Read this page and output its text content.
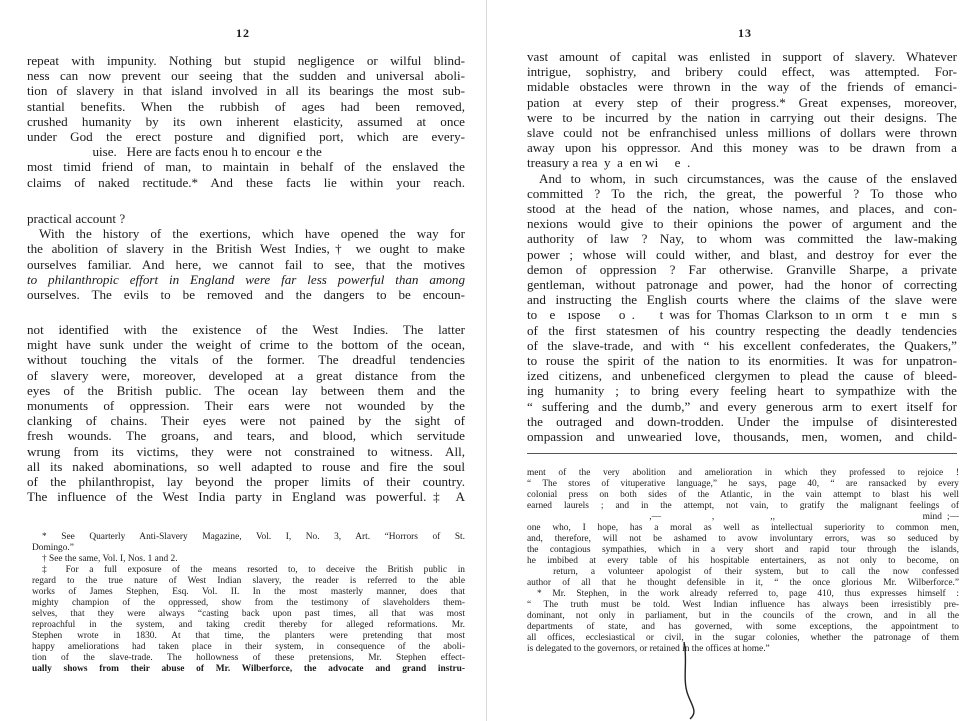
12
repeat with impunity. Nothing but stupid negligence or wilful blind-
ness can now prevent our seeing that the sudden and universal aboli-
tion of slavery in that island involved in all its bearings the most sub-
stantial benefits. When the rubbish of ages had been removed,
crushed humanity by its own inherent elasticity, assumed at once
under God the erect posture and dignified port, which are every-
uise.   Here are facts enou h to encour  e the
most timid friend of man, to maintain in behalf of the enslaved the
claims of naked rectitude.* And these facts lie within your reach.
practical account ?
With the history of the exertions, which have opened the way for
the abolition of slavery in the British West Indies,† we ought to make
ourselves familiar. And here, we cannot fail to see, that the motives
to philanthropic effort in England were far less powerful than among
ourselves. The evils to be removed and the dangers to be encoun-
not identified with the existence of the West Indies. The latter
might have sunk under the weight of crime to the bottom of the ocean,
without touching the vitals of the former. The dreadful tendencies
of slavery were, moreover, developed at a great distance from the
eyes of the British public. The ocean lay between them and the
monuments of oppression. Their ears were not wounded by the
clanking of chains. Their eyes were not pained by the sight of
fresh wounds. The groans, and tears, and blood, which servitude
wrung from its victims, they were not constrained to witness. All,
all its naked abominations, so well adapted to rouse and fire the soul
of the philanthropist, lay beyond the proper limits of their country.
The influence of the West India party in England was powerful.‡ A
* See Quarterly Anti-Slavery Magazine, Vol. I, No. 3, Art. “Horrors of St.
Domingo.”
† See the same, Vol. I, Nos. 1 and 2.
‡ For a full exposure of the means resorted to, to deceive the British public in
regard to the true nature of West Indian slavery, the reader is referred to the able
works of James Stephen, Esq. Vol. II. In the most masterly manner, does that
mighty champion of the oppressed, show from the testimony of slaveholders them-
selves, that they were always “casting back upon past times, all that was most
reproachful in the system, and taking credit thereby for alleged reformations. Mr.
Stephen wrote in 1830. At that time, the planters were pretending that most
happy ameliorations had taken place in their system, in consequence of the aboli-
tion of the slave-trade. The hollowness of these pretensions, Mr. Stephen effect-
ually shows from their abuse of Mr. Wilberforce, the advocate and grand instru-
13
vast amount of capital was enlisted in support of slavery. Whatever
intrigue, sophistry, and bribery could effect, was attempted. For-
midable obstacles were thrown in the way of the friends of emanci-
pation at every step of their progress.* Great expenses, moreover,
were to be incurred by the nation in carrying out their designs. The
slave could not be enfranchised unless millions of dollars were thrown
away upon his oppressor. And this money was to be drawn from a
treasury a rea  y  a  en wi     e  .
And to whom, in such circumstances, was the cause of the enslaved
committed ? To the rich, the great, the powerful ? To those who
stood at the head of the nation, whose names, and places, and con-
nexions would give to their opinions the power of argument and the
authority of law ? Nay, to whom was committed the law-making
power ; whose will could wither, and blast, and destroy for ever the
demon of oppression ? Far otherwise. Granville Sharpe, a private
gentleman, without patronage and power, had the honor of correcting
and instructing the English courts where the claims of the slave were
to  e  ıspose   o .    t was for Thomas Clarkson to ın orm  t  e  mın  s
of the first statesmen of his country respecting the deadly tendencies
of the slave-trade, and with “ his excellent confederates, the Quakers,”
to rouse the spirit of the nation to its enormities. It was for unpatron-
ized citizens, and unbeneficed clergymen to plead the cause of bleed-
ing humanity ; to bring every feeling heart to sympathize with the
“ suffering and the dumb,” and every generous arm to exert itself for
the outraged and down-trodden. Under the impulse of disinterested
ompassion and unwearied love, thousands, men, women, and child-
ment of the very abolition and amelioration in which they professed to rejoice !
“ The stores of vituperative language,” he says, page 40, “ are ransacked by every
colonial press on both sides of the Atlantic, in the vain attempt to blast his well
earned laurels ; and in the attempt, not vain, to gratify the malignant feelings of
,—          ,           ,,                             mind ;—
one who, I hope, has a moral as well as intellectual superiority to common men,
and, therefore, will not be ashamed to avow involuntary errors, was so seduced by
the contagious sympathies, which in a very short and rapid tour through the islands,
he imbibed at every table of his hospitable entertainers, as not only to become, on
return, a volunteer apologist of their system, but to call the now confessed
author of all that he thought defensible in it, “ the once glorious Mr. Wilberforce.”
* Mr. Stephen, in the work already referred to, page 410, thus expresses himself :
“ The truth must be told. West Indian influence has always been irresistibly pre-
dominant, not only in parliament, but in the councils of the crown, and in all the
departments of state, and has governed, with some exceptions, the appointment to
all offices, ecclesiastical or civil, in the sugar colonies, whether the patronage of them
is delegated to the governors, or retained in the offices at home.”
